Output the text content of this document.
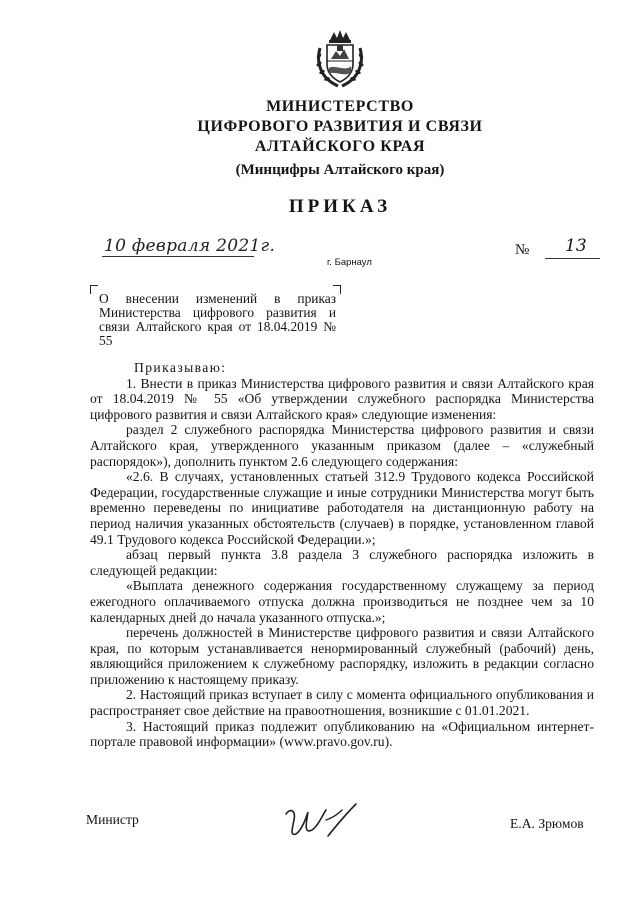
МИНИСТЕРСТВО
ЦИФРОВОГО РАЗВИТИЯ И СВЯЗИ
АЛТАЙСКОГО КРАЯ
(Минцифры Алтайского края)
ПРИКАЗ
10 февраля 2021г.
г. Барнаул
№ 13
О внесении изменений в приказ Министерства цифрового развития и связи Алтайского края от 18.04.2019 № 55

Приказываю:

1. Внести в приказ Министерства цифрового развития и связи Алтайского края от 18.04.2019 № 55 «Об утверждении служебного распорядка Министерства цифрового развития и связи Алтайского края» следующие изменения:

раздел 2 служебного распорядка Министерства цифрового развития и связи Алтайского края, утвержденного указанным приказом (далее – «служебный распорядок»), дополнить пунктом 2.6 следующего содержания:

«2.6. В случаях, установленных статьей 312.9 Трудового кодекса Российской Федерации, государственные служащие и иные сотрудники Министерства могут быть временно переведены по инициативе работодателя на дистанционную работу на период наличия указанных обстоятельств (случаев) в порядке, установленном главой 49.1 Трудового кодекса Российской Федерации.»;

абзац первый пункта 3.8 раздела 3 служебного распорядка изложить в следующей редакции:

«Выплата денежного содержания государственному служащему за период ежегодного оплачиваемого отпуска должна производиться не позднее чем за 10 календарных дней до начала указанного отпуска.»;

перечень должностей в Министерстве цифрового развития и связи Алтайского края, по которым устанавливается ненормированный служебный (рабочий) день, являющийся приложением к служебному распорядку, изложить в редакции согласно приложению к настоящему приказу.

2. Настоящий приказ вступает в силу с момента официального опубликования и распространяет свое действие на правоотношения, возникшие с 01.01.2021.

3. Настоящий приказ подлежит опубликованию на «Официальном интернет-портале правовой информации» (www.pravo.gov.ru).

Министр	Е.А. Зрюмов
